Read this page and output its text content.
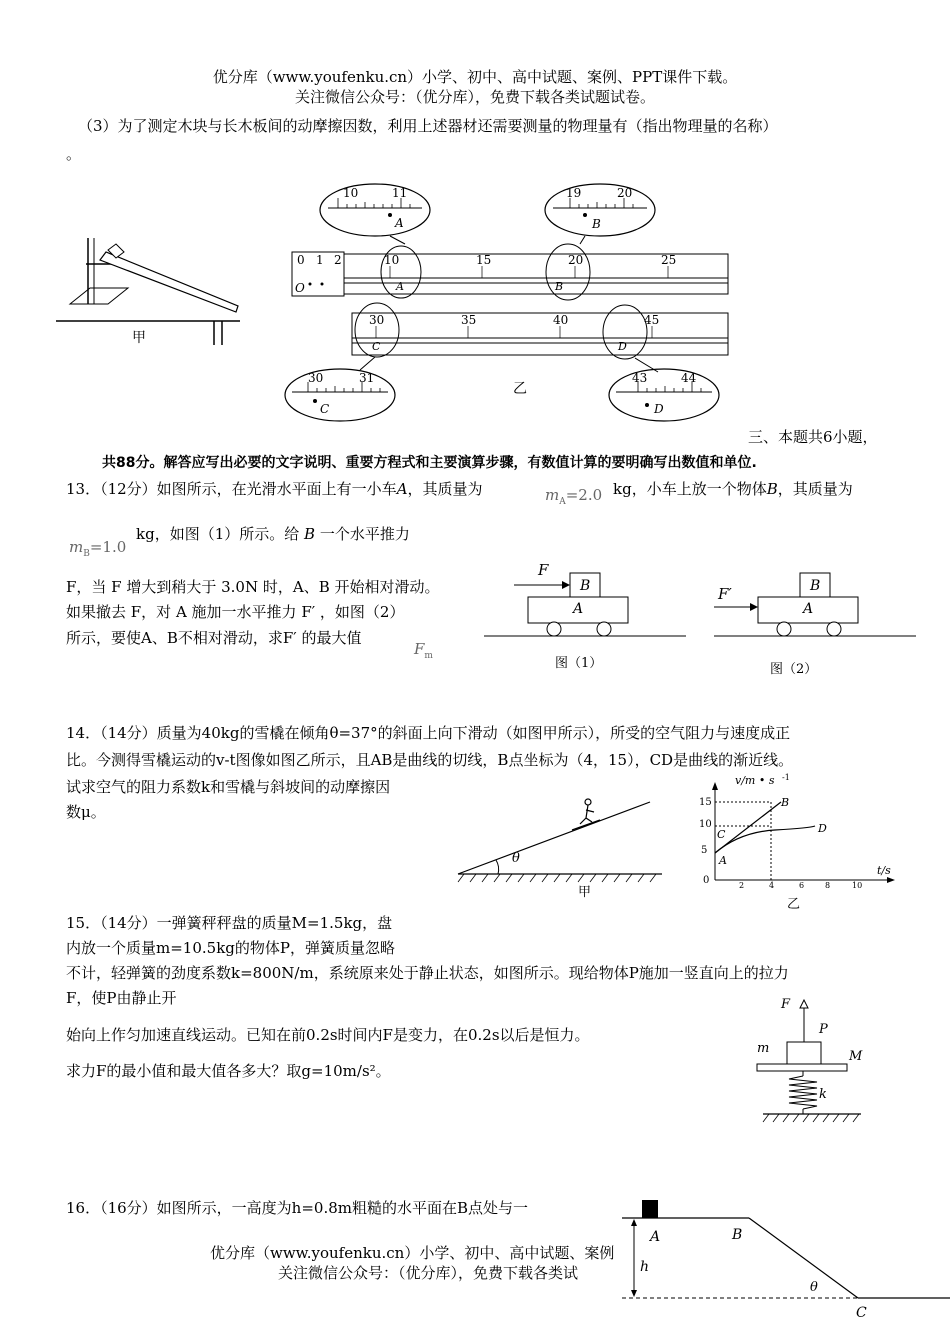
优分库（www.youfenku.cn）小学、初中、高中试题、案例、PPT课件下载。
关注微信公众号：（优分库），免费下载各类试题试卷。
（3）为了测定木块与长木板间的动摩擦因数，利用上述器材还需要测量的物理量有（指出物理量的名称）
。
甲
10	11
A
19	20
B
0 1 2	10	15	20	25
O	A	B
30	35	40	45
C	D
30	31
C
43	44
D
乙
三、本题共6小题，
共88分。解答应写出必要的文字说明、重要方程式和主要演算步骤，有数值计算的要明确写出数值和单位.
13．（12分）如图所示，在光滑水平面上有一小车A，其质量为	$m_A=2.0$ kg，小车上放一个物体B，其质量为
$m_B=1.0$
kg，如图（1）所示。给 B 一个水平推力
F，当 F 增大到稍大于 3.0N 时，A、B 开始相对滑动。
如果撤去 F，对 A 施加一水平推力 F′ ，如图（2）
所示，要使A、B不相对滑动，求F′ 的最大值
$F_m$
F
B
A
图（1）
F′	B
A
图（2）
14．（14分）质量为40kg的雪橇在倾角θ=37°的斜面上向下滑动（如图甲所示），所受的空气阻力与速度成正
比。今测得雪橇运动的v-t图像如图乙所示，且AB是曲线的切线，B点坐标为（4，15），CD是曲线的渐近线。
试求空气的阻力系数k和雪橇与斜坡间的动摩擦因
数μ。
θ
甲
v/m • s -1
t/s
15
10
5
0	2	4	6	8	10
A
B
C	D
乙
15．（14分）一弹簧秤秤盘的质量M=1.5kg，盘
内放一个质量m=10.5kg的物体P，弹簧质量忽略
不计，轻弹簧的劲度系数k=800N/m，系统原来处于静止状态，如图所示。现给物体P施加一竖直向上的拉力
F，使P由静止开
始向上作匀加速直线运动。已知在前0.2s时间内F是变力，在0.2s以后是恒力。
求力F的最小值和最大值各多大？取g=10m/s²。
F
P
m
M
k
16．（16分）如图所示，一高度为h=0.8m粗糙的水平面在B点处与一
h
A	B
θ
C
优分库（www.youfenku.cn）小学、初中、高中试题、案例
关注微信公众号：（优分库），免费下载各类试
